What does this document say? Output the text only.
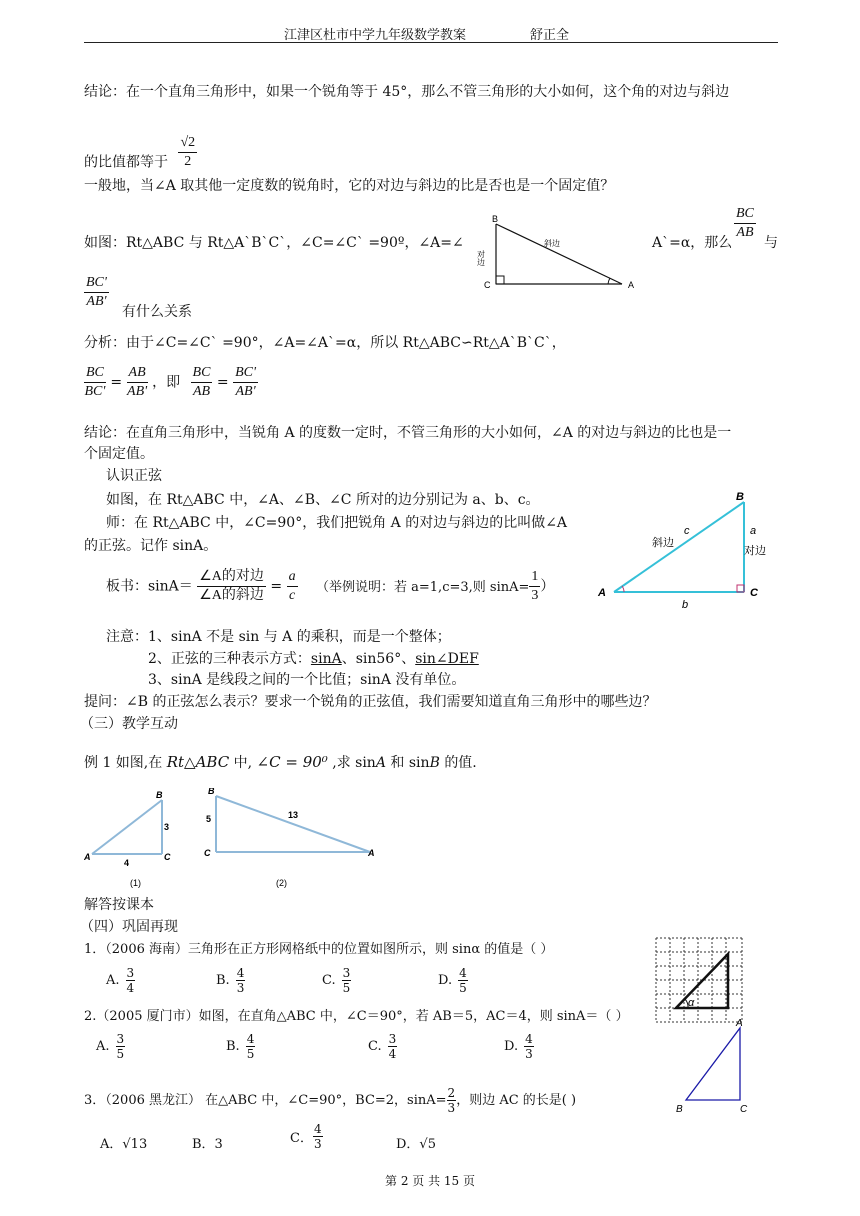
江津区杜市中学九年级数学教案	舒正全
结论：在一个直角三角形中，如果一个锐角等于 45°，那么不管三角形的大小如何，这个角的对边与斜边
的比值都等于 $\frac{√2}{2}$
一般地，当∠A 取其他一定度数的锐角时，它的对边与斜边的比是否也是一个固定值？
如图：Rt△ABC 与 Rt△A`B`C`，∠C=∠C` =90º，∠A=∠	A`=α，那么
$\frac{BC}{AB}$
与
$\frac{BC'}{AB'}$
有什么关系
B
C	A
斜边
对边
分析：由于∠C=∠C` =90°，∠A=∠A`=α，所以 Rt△ABC∽Rt△A`B`C`，
$\frac{BC}{BC'} = \frac{AB}{AB'}$ ，即 $\frac{BC}{AB} = \frac{BC'}{AB'}$
结论：在直角三角形中，当锐角 A 的度数一定时，不管三角形的大小如何，∠A 的对边与斜边的比也是一
个固定值。
认识正弦
如图，在 Rt△ABC 中，∠A、∠B、∠C 所对的边分别记为 a、b、c。
师：在 Rt△ABC 中，∠C=90°，我们把锐角 A 的对边与斜边的比叫做∠A
的正弦。记作 sinA。
板书：$\sin A= \frac{\text{∠A的对边}}{\text{∠A的斜边}} = \frac{a}{c}$ （举例说明：若 a=1,c=3,则 $\sin A= \frac{1}{3}$ ）	A
B
C
a
b
c
斜边
对边
注意：1、sinA 不是 sin 与 A 的乘积，而是一个整体；
2、正弦的三种表示方式：sinA、sin56°、sin∠DEF
3、sinA 是线段之间的一个比值；sinA 没有单位。
提问：∠B 的正弦怎么表示？要求一个锐角的正弦值，我们需要知道直角三角形中的哪些边？
（三）教学互动
例 1 如图,在 Rt△ABC 中, ∠C = 90⁰ ,求 sinA 和 sinB 的值.
B
A	C
3
4
(1)
B
C	A
5	13
(2)
解答按课本
（四）巩固再现
1．（2006 海南）三角形在正方形网格纸中的位置如图所示，则 sinα 的值是（ ）
A. $\frac{3}{4}$	B. $\frac{4}{3}$	C. $\frac{3}{5}$	D. $\frac{4}{5}$
α
2.（2005 厦门市）如图，在直角△ABC 中，∠C＝90°，若 AB＝5，AC＝4，则 sinA＝（ ）
A. $\frac{3}{5}$	B. $\frac{4}{5}$	C. $\frac{3}{4}$	D. $\frac{4}{3}$
A
B	C
3．（2006 黑龙江） 在△ABC 中，∠C=90°，BC=2，$\sin A= \frac{2}{3}$ ，则边 AC 的长是( )
A．√13	B．3	C． $\frac{4}{3}$	D．√5
第 2 页 共 15 页
